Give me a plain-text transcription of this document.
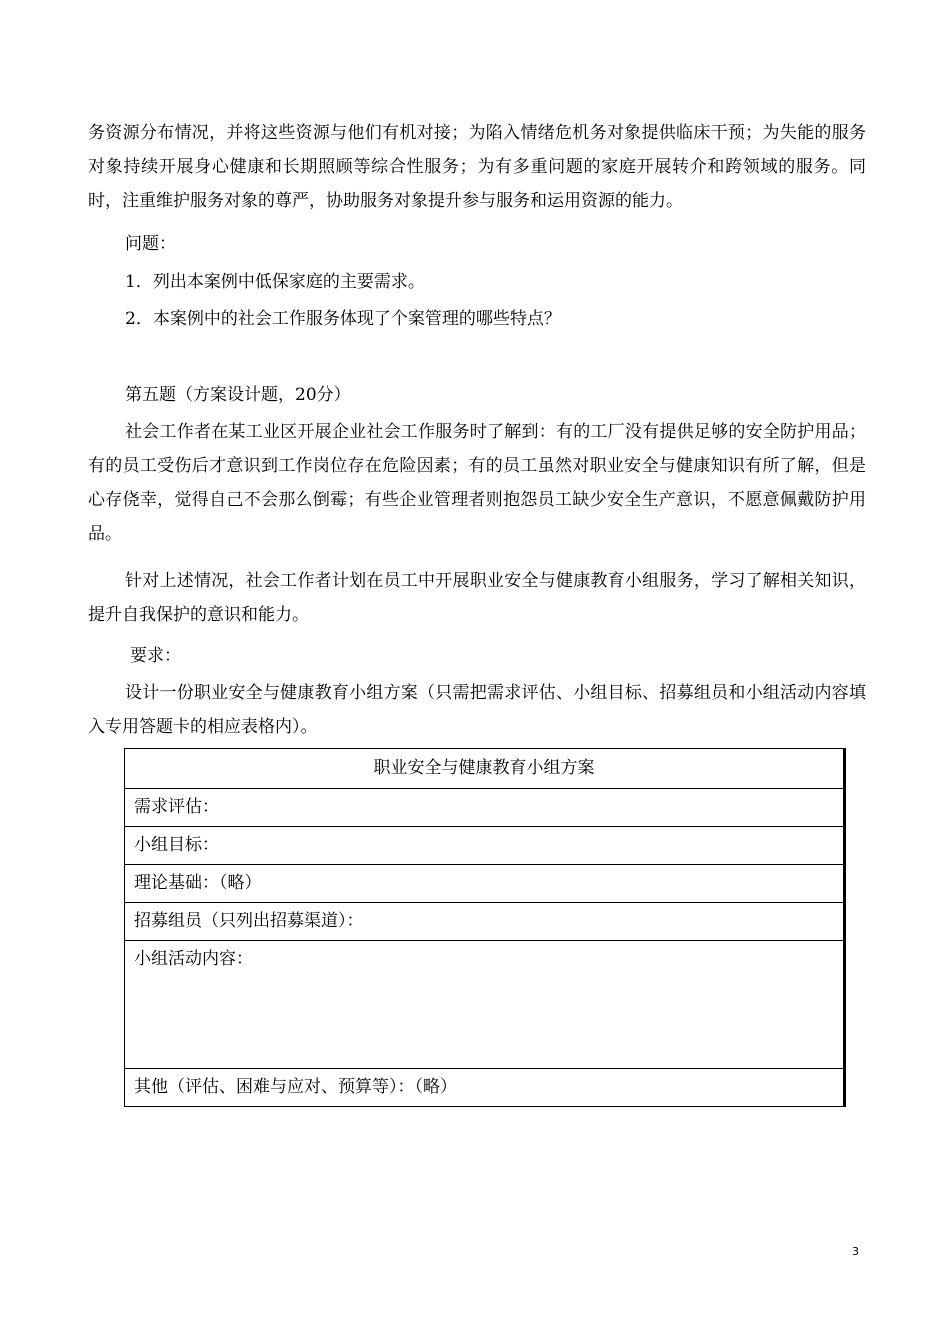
务资源分布情况，并将这些资源与他们有机对接；为陷入情绪危机务对象提供临床干预；为失能的服务对象持续开展身心健康和长期照顾等综合性服务；为有多重问题的家庭开展转介和跨领域的服务。同时，注重维护服务对象的尊严，协助服务对象提升参与服务和运用资源的能力。

问题：

1．列出本案例中低保家庭的主要需求。

2．本案例中的社会工作服务体现了个案管理的哪些特点？

第五题（方案设计题，20分）

社会工作者在某工业区开展企业社会工作服务时了解到：有的工厂没有提供足够的安全防护用品；有的员工受伤后才意识到工作岗位存在危险因素；有的员工虽然对职业安全与健康知识有所了解，但是心存侥幸，觉得自己不会那么倒霉；有些企业管理者则抱怨员工缺少安全生产意识，不愿意佩戴防护用品。

针对上述情况，社会工作者计划在员工中开展职业安全与健康教育小组服务，学习了解相关知识，提升自我保护的意识和能力。

要求：

设计一份职业安全与健康教育小组方案（只需把需求评估、小组目标、招募组员和小组活动内容填入专用答题卡的相应表格内）。

职业安全与健康教育小组方案
需求评估：
小组目标：
理论基础：（略）
招募组员（只列出招募渠道）：
小组活动内容：
其他（评估、困难与应对、预算等）：（略）
3
